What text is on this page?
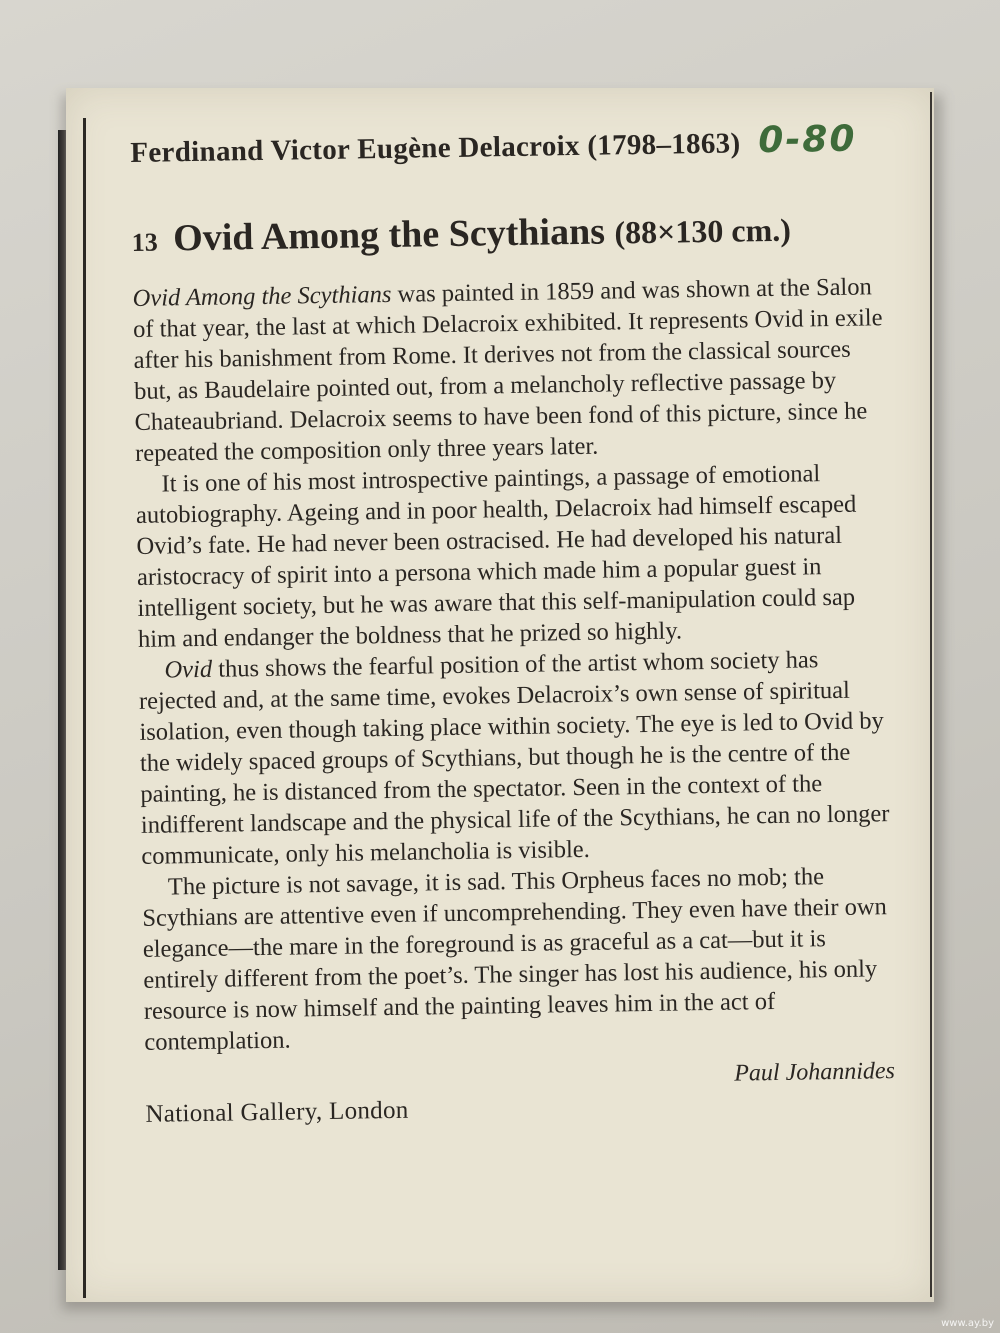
Ferdinand Victor Eugène Delacroix (1798–1863) 0-80
13 Ovid Among the Scythians (88×130 cm.)

Ovid Among the Scythians was painted in 1859 and was shown at the Salon of that year, the last at which Delacroix exhibited. It represents Ovid in exile after his banishment from Rome. It derives not from the classical sources but, as Baudelaire pointed out, from a melancholy reflective passage by Chateaubriand. Delacroix seems to have been fond of this picture, since he repeated the composition only three years later.

It is one of his most introspective paintings, a passage of emotional autobiography. Ageing and in poor health, Delacroix had himself escaped Ovid’s fate. He had never been ostracised. He had developed his natural aristocracy of spirit into a persona which made him a popular guest in intelligent society, but he was aware that this self-manipulation could sap him and endanger the boldness that he prized so highly.

Ovid thus shows the fearful position of the artist whom society has rejected and, at the same time, evokes Delacroix’s own sense of spiritual isolation, even though taking place within society. The eye is led to Ovid by the widely spaced groups of Scythians, but though he is the centre of the painting, he is distanced from the spectator. Seen in the context of the indifferent landscape and the physical life of the Scythians, he can no longer communicate, only his melancholia is visible.

The picture is not savage, it is sad. This Orpheus faces no mob; the Scythians are attentive even if uncomprehending. They even have their own elegance—the mare in the foreground is as graceful as a cat—but it is entirely different from the poet’s. The singer has lost his audience, his only resource is now himself and the painting leaves him in the act of contemplation.

Paul Johannides
National Gallery, London
www.ay.by
